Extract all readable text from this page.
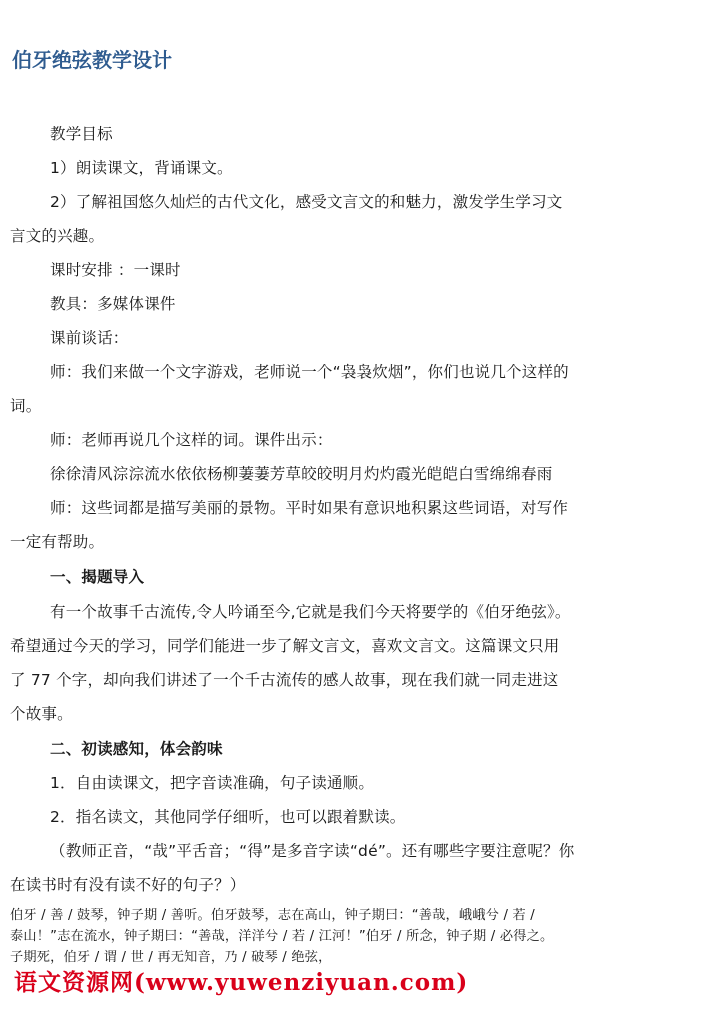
伯牙绝弦教学设计
教学目标
1）朗读课文，背诵课文。
2）了解祖国悠久灿烂的古代文化，感受文言文的和魅力，激发学生学习文
言文的兴趣。
课时安排 ：一课时
教具：多媒体课件
课前谈话：
师：我们来做一个文字游戏，老师说一个“袅袅炊烟”，你们也说几个这样的
词。
师：老师再说几个这样的词。课件出示：
徐徐清风淙淙流水依依杨柳萋萋芳草皎皎明月灼灼霞光皑皑白雪绵绵春雨
师：这些词都是描写美丽的景物。平时如果有意识地积累这些词语，对写作
一定有帮助。
一、揭题导入
有一个故事千古流传,令人吟诵至今,它就是我们今天将要学的《伯牙绝弦》。
希望通过今天的学习，同学们能进一步了解文言文，喜欢文言文。这篇课文只用
了 77 个字，却向我们讲述了一个千古流传的感人故事，现在我们就一同走进这
个故事。
二、初读感知，体会韵味
1．自由读课文，把字音读准确，句子读通顺。
2．指名读文，其他同学仔细听，也可以跟着默读。
（教师正音，“哉”平舌音；“得”是多音字读“dé”。还有哪些字要注意呢？你
在读书时有没有读不好的句子？）
伯牙 / 善 / 鼓琴，钟子期 / 善听。伯牙鼓琴，志在高山，钟子期曰：“善哉，峨峨兮 / 若 /
泰山！”志在流水，钟子期曰：“善哉，洋洋兮 / 若 / 江河！”伯牙 / 所念，钟子期 / 必得之。
子期死，伯牙 / 谓 / 世 / 再无知音，乃 / 破琴 / 绝弦，
语文资源网(www.yuwenziyuan.com)
